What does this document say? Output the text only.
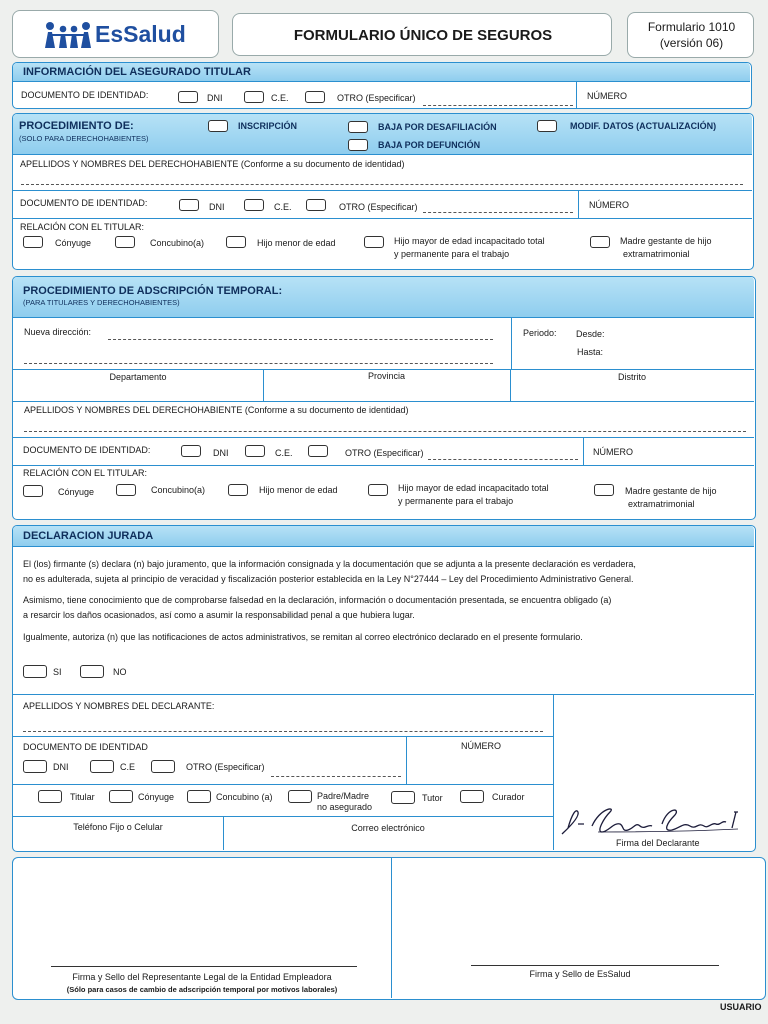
EsSalud	FORMULARIO ÚNICO DE SEGUROS	Formulario 1010
(versión 06)
INFORMACIÓN DEL ASEGURADO TITULAR
DOCUMENTO DE IDENTIDAD:	DNI	C.E.	OTRO (Especificar)	NÚMERO
PROCEDIMIENTO DE:
(SOLO PARA DERECHOHABIENTES)
INSCRIPCIÓN	BAJA POR DESAFILIACIÓN
BAJA POR DEFUNCIÓN
MODIF. DATOS (ACTUALIZACIÓN)
APELLIDOS Y NOMBRES DEL DERECHOHABIENTE (Conforme a su documento de identidad)
DOCUMENTO DE IDENTIDAD:	DNI	C.E.	OTRO (Especificar)	NÚMERO
RELACIÓN CON EL TITULAR:
Cónyuge	Concubino(a)	Hijo menor de edad	Hijo mayor de edad incapacitado total
y permanente para el trabajo
Madre gestante de hijo
extramatrimonial
PROCEDIMIENTO DE ADSCRIPCIÓN TEMPORAL:
(PARA TITULARES Y DERECHOHABIENTES)
Nueva dirección:	Periodo: Desde:
Hasta:
Departamento	Provincia	Distrito
APELLIDOS Y NOMBRES DEL DERECHOHABIENTE (Conforme a su documento de identidad)
DOCUMENTO DE IDENTIDAD:	DNI	C.E.	OTRO (Especificar)	NÚMERO
RELACIÓN CON EL TITULAR:
Cónyuge	Concubino(a)	Hijo menor de edad	Hijo mayor de edad incapacitado total
y permanente para el trabajo
Madre gestante de hijo
extramatrimonial
DECLARACION JURADA
El (los) firmante (s) declara (n) bajo juramento, que la información consignada y la documentación que se adjunta a la presente declaración es verdadera,
no es adulterada, sujeta al principio de veracidad y fiscalización posterior establecida en la Ley N°27444 – Ley del Procedimiento Administrativo General.
Asimismo, tiene conocimiento que de comprobarse falsedad en la declaración, información o documentación presentada, se encuentra obligado (a)
a resarcir los daños ocasionados, así como a asumir la responsabilidad penal a que hubiera lugar.
Igualmente, autoriza (n) que las notificaciones de actos administrativos, se remitan al correo electrónico declarado en el presente formulario.
SI	NO
APELLIDOS Y NOMBRES DEL DECLARANTE:
DOCUMENTO DE IDENTIDAD	NÚMERO
DNI	C.E	OTRO (Especificar)
Titular	Cónyuge	Concubino (a)	Padre/Madre
no asegurado
Tutor	Curador
Teléfono Fijo o Celular	Correo electrónico
Firma del Declarante
Firma y Sello del Representante Legal de la Entidad Empleadora
(Sólo para casos de cambio de adscripción temporal por motivos laborales)
Firma y Sello de EsSalud
USUARIO
